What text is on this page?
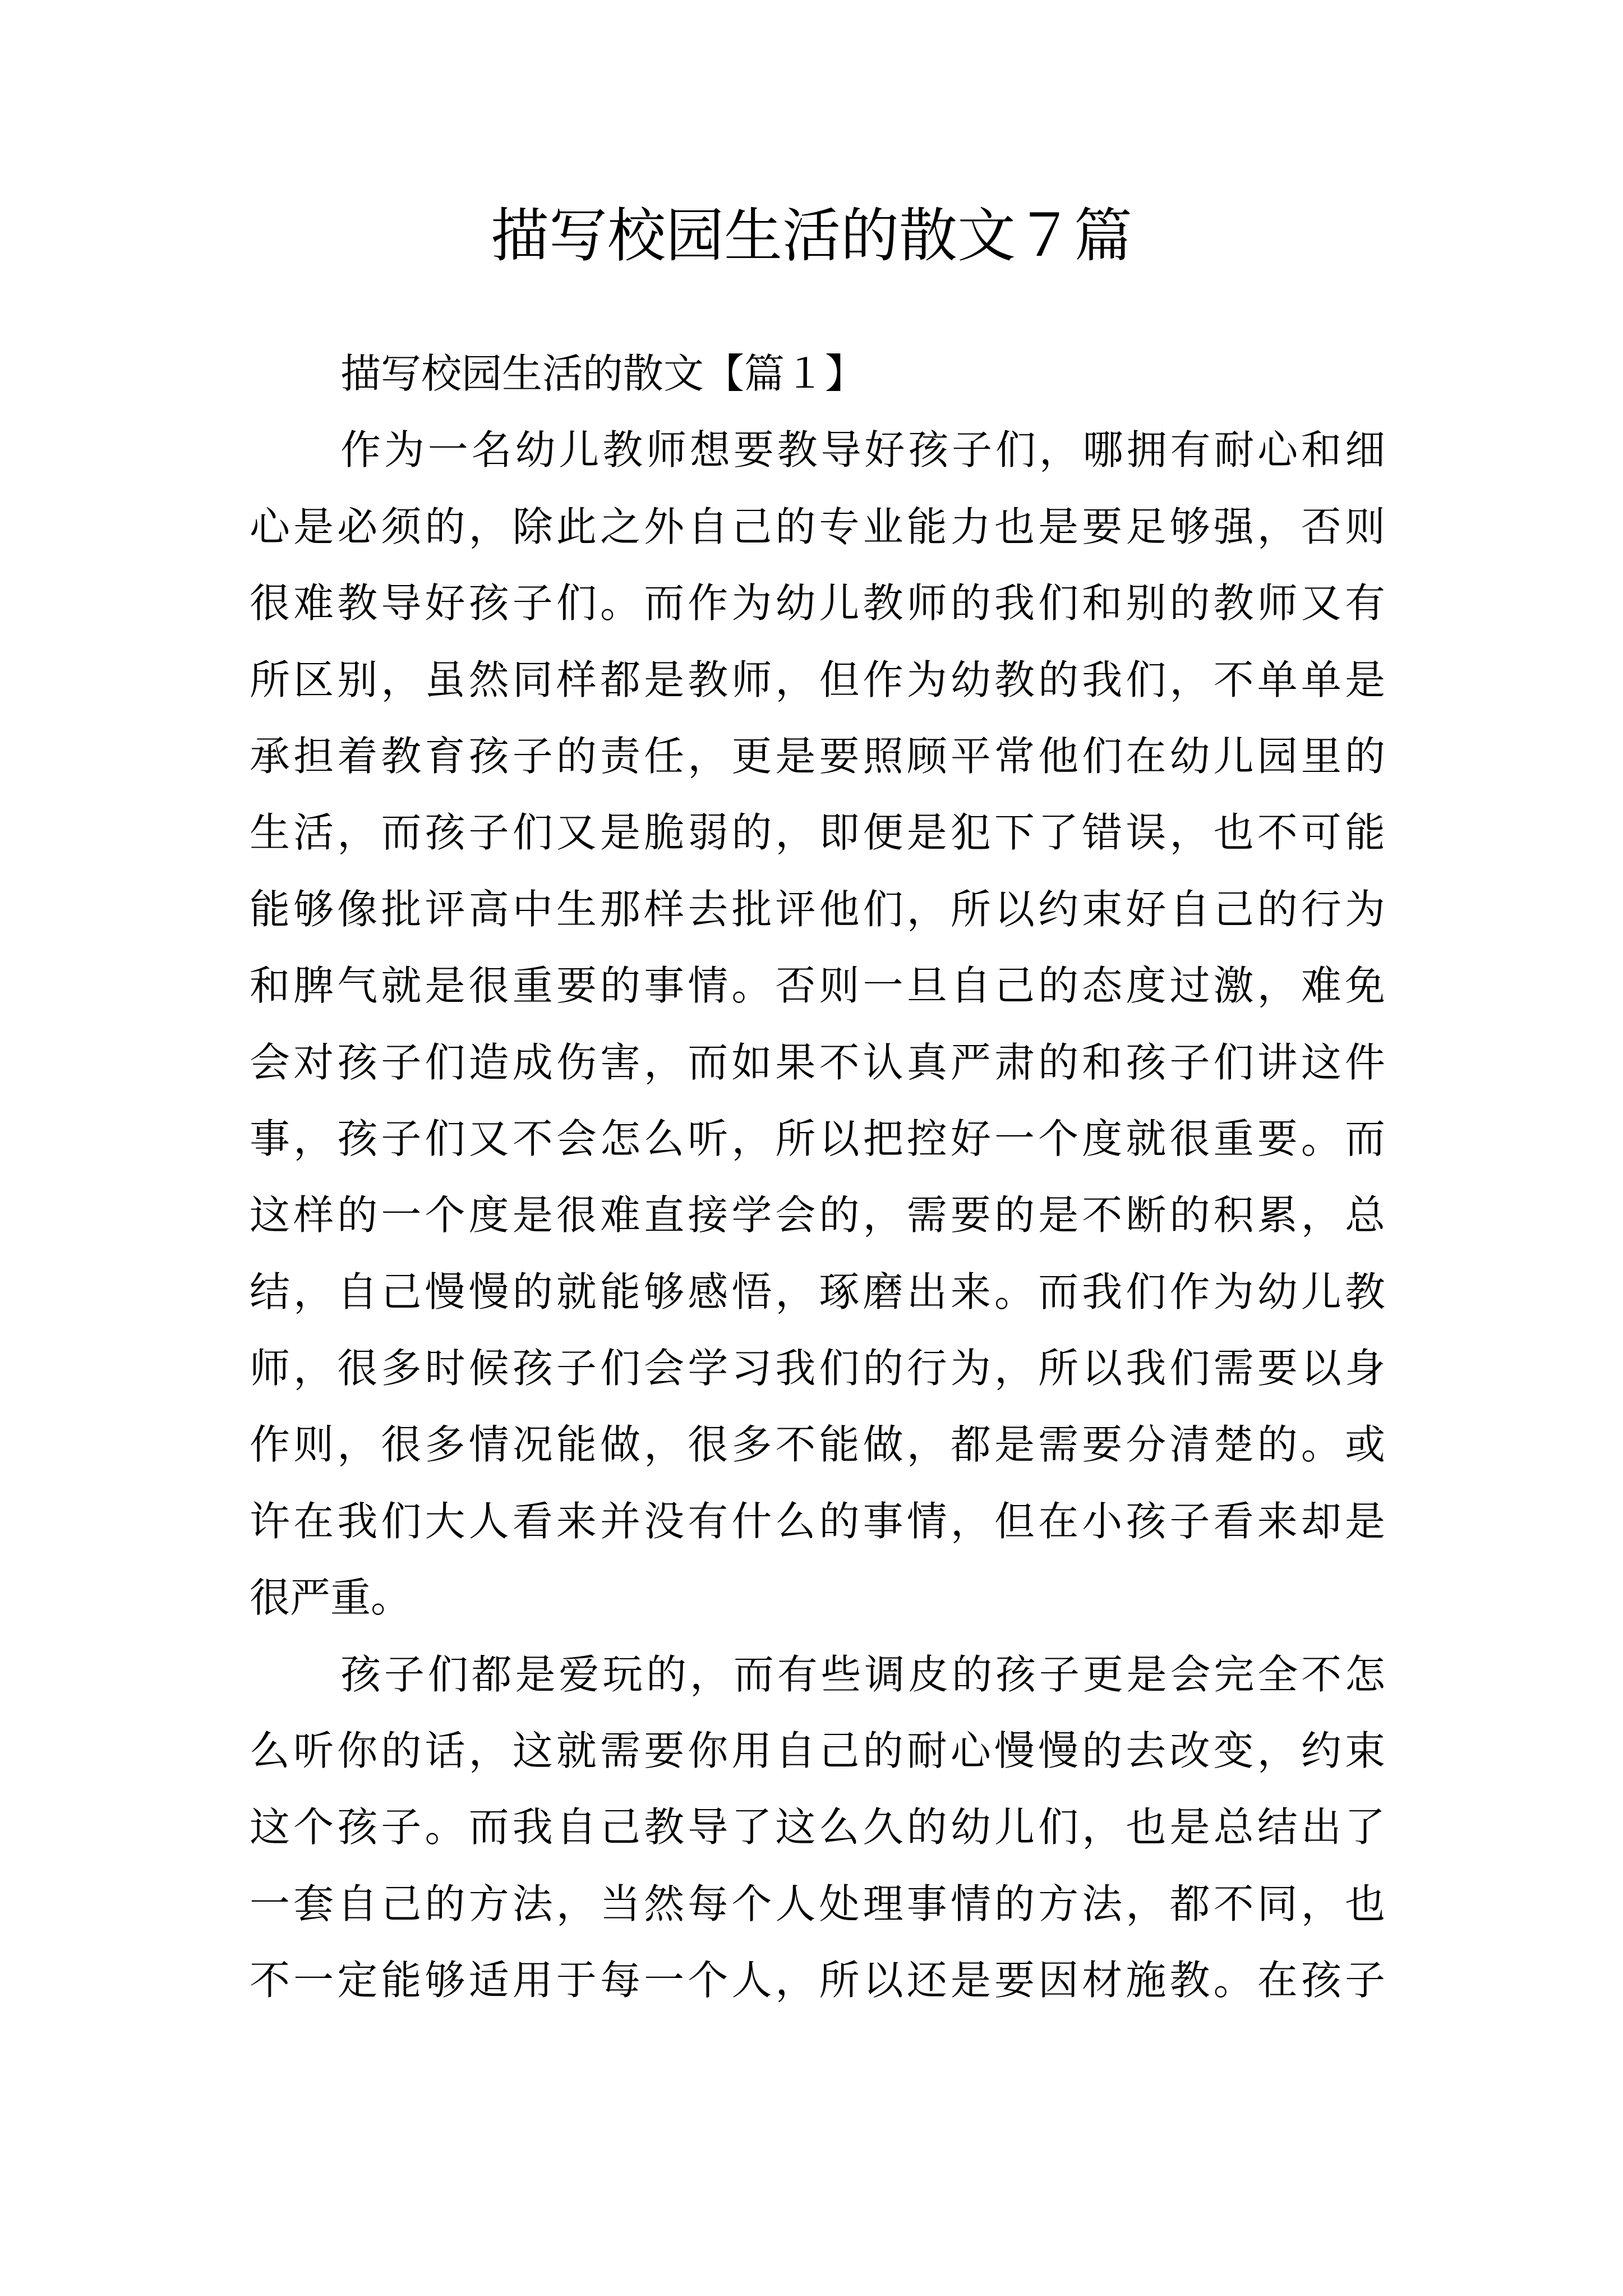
描写校园生活的散文７篇
描写校园生活的散文【篇１】
作为一名幼儿教师想要教导好孩子们，哪拥有耐心和细
心是必须的，除此之外自己的专业能力也是要足够强，否则
很难教导好孩子们。而作为幼儿教师的我们和别的教师又有
所区别，虽然同样都是教师，但作为幼教的我们，不单单是
承担着教育孩子的责任，更是要照顾平常他们在幼儿园里的
生活，而孩子们又是脆弱的，即便是犯下了错误，也不可能
能够像批评高中生那样去批评他们，所以约束好自己的行为
和脾气就是很重要的事情。否则一旦自己的态度过激，难免
会对孩子们造成伤害，而如果不认真严肃的和孩子们讲这件
事，孩子们又不会怎么听，所以把控好一个度就很重要。而
这样的一个度是很难直接学会的，需要的是不断的积累，总
结，自己慢慢的就能够感悟，琢磨出来。而我们作为幼儿教
师，很多时候孩子们会学习我们的行为，所以我们需要以身
作则，很多情况能做，很多不能做，都是需要分清楚的。或
许在我们大人看来并没有什么的事情，但在小孩子看来却是
很严重。
孩子们都是爱玩的，而有些调皮的孩子更是会完全不怎
么听你的话，这就需要你用自己的耐心慢慢的去改变，约束
这个孩子。而我自己教导了这么久的幼儿们，也是总结出了
一套自己的方法，当然每个人处理事情的方法，都不同，也
不一定能够适用于每一个人，所以还是要因材施教。在孩子
